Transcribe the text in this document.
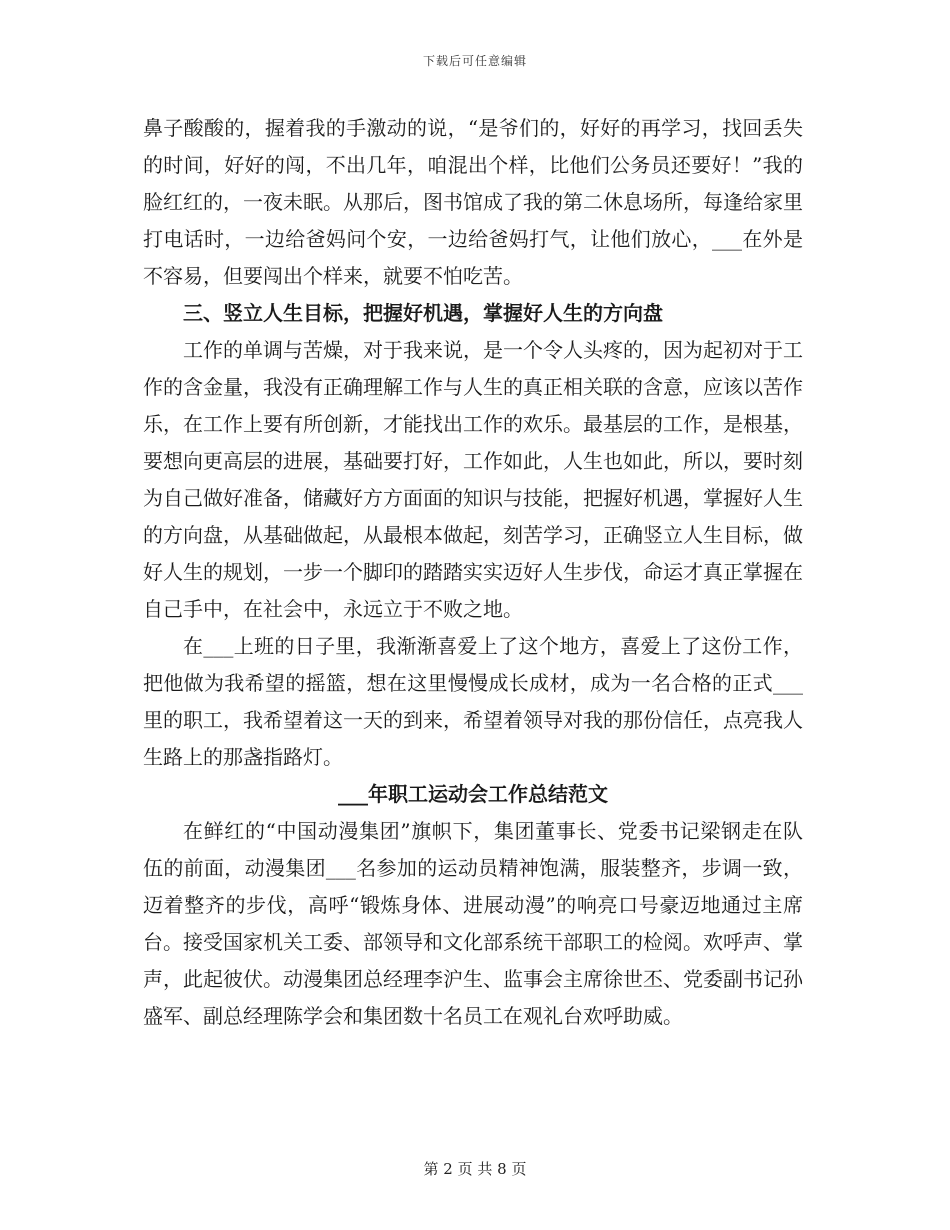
下载后可任意编辑

鼻子酸酸的，握着我的手激动的说，“是爷们的，好好的再学习，找回丢失的时间，好好的闯，不出几年，咱混出个样，比他们公务员还要好！”我的脸红红的，一夜未眠。从那后，图书馆成了我的第二休息场所，每逢给家里打电话时，一边给爸妈问个安，一边给爸妈打气，让他们放心，___在外是不容易，但要闯出个样来，就要不怕吃苦。

三、竖立人生目标，把握好机遇，掌握好人生的方向盘

工作的单调与苦燥，对于我来说，是一个令人头疼的，因为起初对于工作的含金量，我没有正确理解工作与人生的真正相关联的含意，应该以苦作乐，在工作上要有所创新，才能找出工作的欢乐。最基层的工作，是根基，要想向更高层的进展，基础要打好，工作如此，人生也如此，所以，要时刻为自己做好准备，储藏好方方面面的知识与技能，把握好机遇，掌握好人生的方向盘，从基础做起，从最根本做起，刻苦学习，正确竖立人生目标，做好人生的规划，一步一个脚印的踏踏实实迈好人生步伐，命运才真正掌握在自己手中，在社会中，永远立于不败之地。

在___上班的日子里，我渐渐喜爱上了这个地方，喜爱上了这份工作，把他做为我希望的摇篮，想在这里慢慢成长成材，成为一名合格的正式___里的职工，我希望着这一天的到来，希望着领导对我的那份信任，点亮我人生路上的那盏指路灯。

___年职工运动会工作总结范文

在鲜红的“中国动漫集团”旗帜下，集团董事长、党委书记梁钢走在队伍的前面，动漫集团___名参加的运动员精神饱满，服装整齐，步调一致，迈着整齐的步伐，高呼“锻炼身体、进展动漫”的响亮口号豪迈地通过主席台。接受国家机关工委、部领导和文化部系统干部职工的检阅。欢呼声、掌声，此起彼伏。动漫集团总经理李沪生、监事会主席徐世丕、党委副书记孙盛军、副总经理陈学会和集团数十名员工在观礼台欢呼助威。

第 2 页 共 8 页
